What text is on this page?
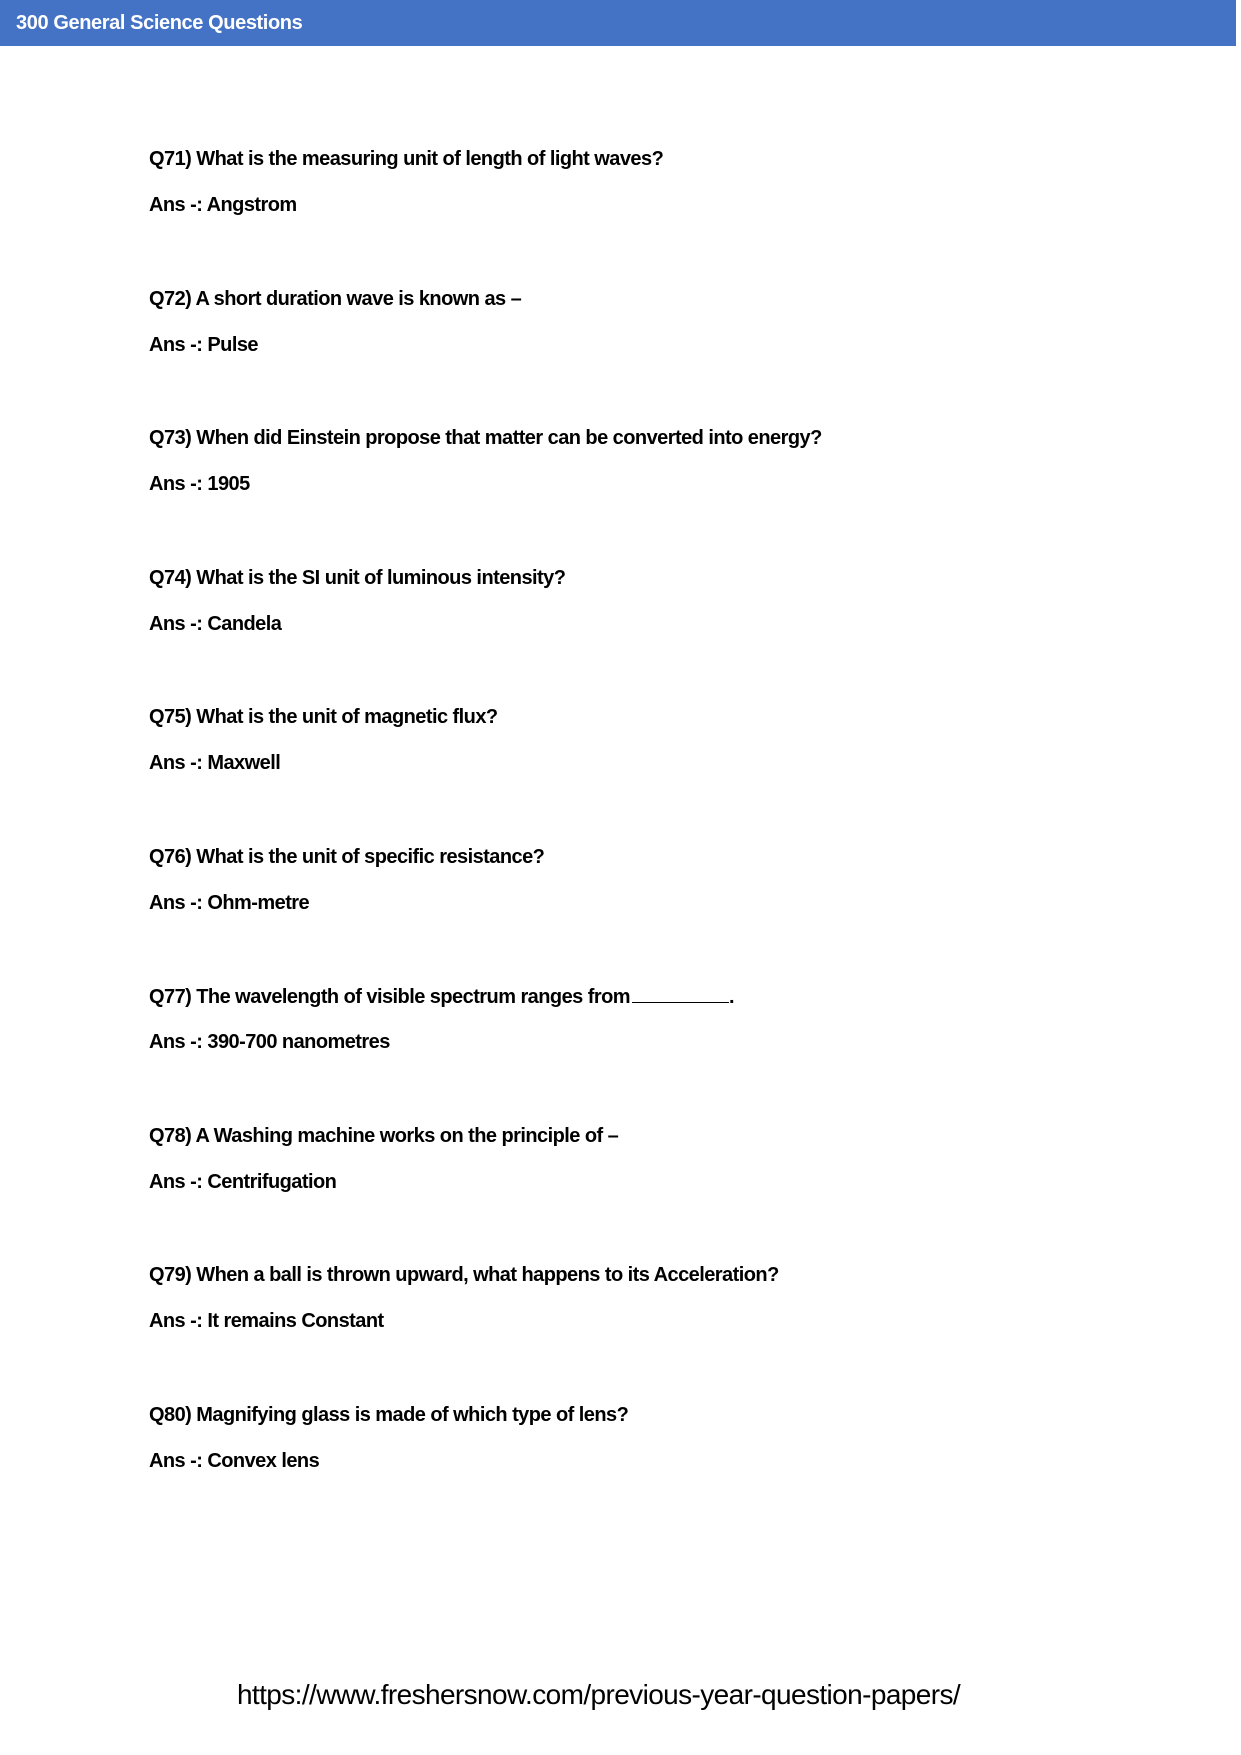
300 General Science Questions
Q71) What is the measuring unit of length of light waves?
Ans -: Angstrom
Q72) A short duration wave is known as –
Ans -: Pulse
Q73) When did Einstein propose that matter can be converted into energy?
Ans -: 1905
Q74) What is the SI unit of luminous intensity?
Ans -: Candela
Q75) What is the unit of magnetic flux?
Ans -: Maxwell
Q76) What is the unit of specific resistance?
Ans -: Ohm-metre
Q77) The wavelength of visible spectrum ranges from	.
Ans -: 390-700 nanometres
Q78) A Washing machine works on the principle of –
Ans -: Centrifugation
Q79) When a ball is thrown upward, what happens to its Acceleration?
Ans -: It remains Constant
Q80) Magnifying glass is made of which type of lens?
Ans -: Convex lens
https://www.freshersnow.com/previous-year-question-papers/
